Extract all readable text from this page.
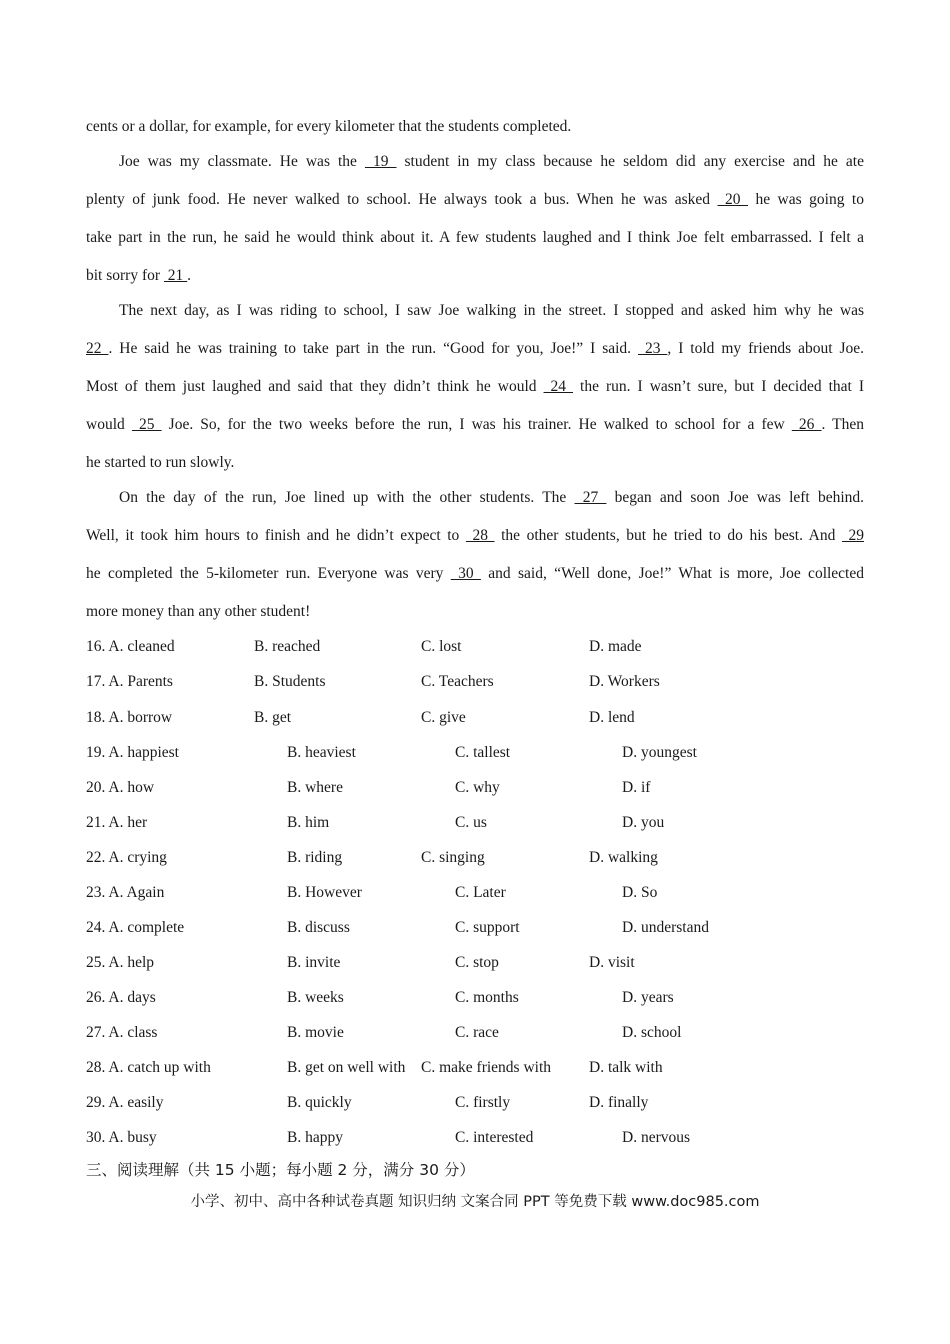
cents or a dollar, for example, for every kilometer that the students completed.
Joe was my classmate. He was the  19  student in my class because he seldom did any exercise and he ate
plenty of junk food. He never walked to school. He always took a bus. When he was asked  20  he was going to
take part in the run, he said he would think about it. A few students laughed and I think Joe felt embarrassed. I felt a
bit sorry for  21 .
The next day, as I was riding to school, I saw Joe walking in the street. I stopped and asked him why he was
22 . He said he was training to take part in the run. “Good for you, Joe!” I said.  23 , I told my friends about Joe.
Most of them just laughed and said that they didn’t think he would  24  the run. I wasn’t sure, but I decided that I
would  25  Joe. So, for the two weeks before the run, I was his trainer. He walked to school for a few  26 . Then
he started to run slowly.
On the day of the run, Joe lined up with the other students. The  27  began and soon Joe was left behind.
Well, it took him hours to finish and he didn’t expect to  28  the other students, but he tried to do his best. And  29
he completed the 5-kilometer run. Everyone was very  30  and said, “Well done, Joe!” What is more, Joe collected
more money than any other student!
16. A. cleaned	B. reached	C. lost	D. made
17. A. Parents	B. Students	C. Teachers	D. Workers
18. A. borrow	B. get	C. give	D. lend
19. A. happiest	B. heaviest	C. tallest	D. youngest
20. A. how	B. where	C. why	D. if
21. A. her	B. him	C. us	D. you
22. A. crying	B. riding	C. singing	D. walking
23. A. Again	B. However	C. Later	D. So
24. A. complete	B. discuss	C. support	D. understand
25. A. help	B. invite	C. stop	D. visit
26. A. days	B. weeks	C. months	D. years
27. A. class	B. movie	C. race	D. school
28. A. catch up with	B. get on well with C. make friends with D. talk with
29. A. easily	B. quickly	C. firstly	D. finally
30. A. busy	B. happy	C. interested	D. nervous
三、阅读理解（共 15 小题；每小题 2 分，满分 30 分）
小学、初中、高中各种试卷真题 知识归纳 文案合同 PPT 等免费下载 www.doc985.com
